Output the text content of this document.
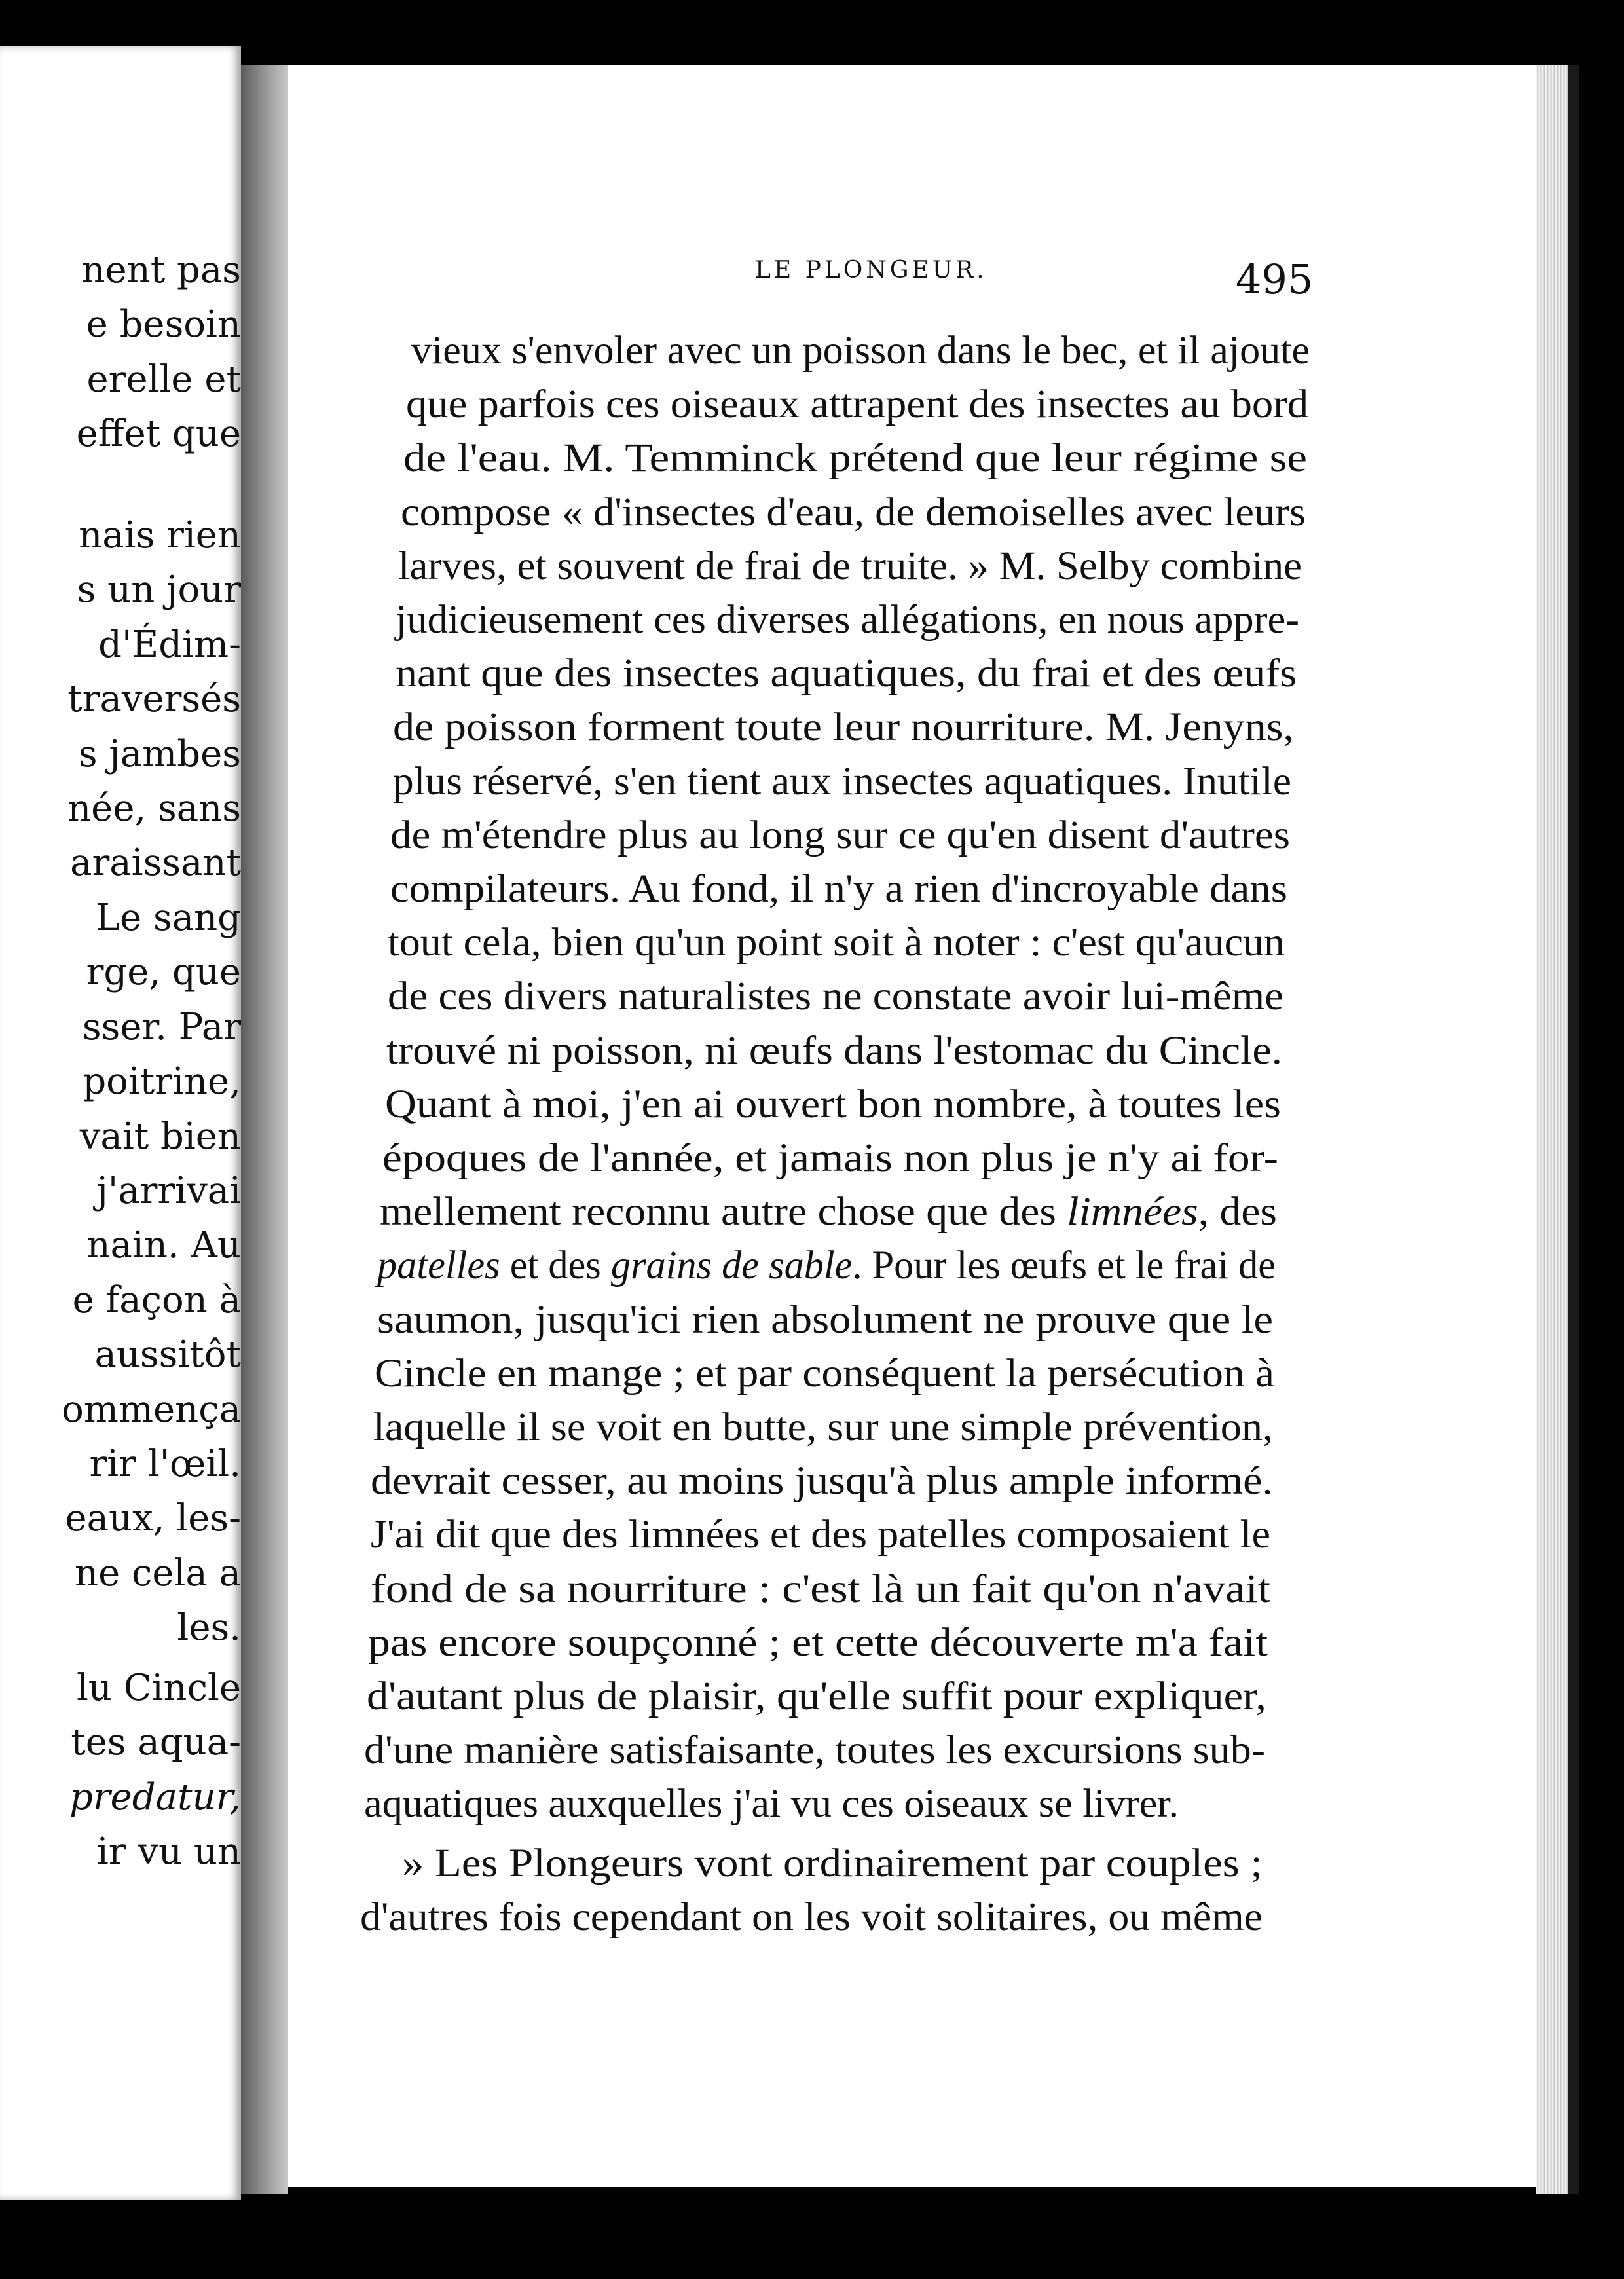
nent pas
e besoin
erelle et
effet que
nais rien
s un jour
d'Édim-
traversés
s jambes
née, sans
araissant
Le sang
rge, que
sser. Par
poitrine,
vait bien
j'arrivai
nain. Au
e façon à
aussitôt
ommença
rir l'œil.
eaux, les-
ne cela a
les.
lu Cincle
tes aqua-
predatur,
ir vu un
LE PLONGEUR.	495
vieux s'envoler avec un poisson dans le bec, et il ajoute
que parfois ces oiseaux attrapent des insectes au bord
de l'eau. M. Temminck prétend que leur régime se
compose « d'insectes d'eau, de demoiselles avec leurs
larves, et souvent de frai de truite. » M. Selby combine
judicieusement ces diverses allégations, en nous appre-
nant que des insectes aquatiques, du frai et des œufs
de poisson forment toute leur nourriture. M. Jenyns,
plus réservé, s'en tient aux insectes aquatiques. Inutile
de m'étendre plus au long sur ce qu'en disent d'autres
compilateurs. Au fond, il n'y a rien d'incroyable dans
tout cela, bien qu'un point soit à noter : c'est qu'aucun
de ces divers naturalistes ne constate avoir lui-même
trouvé ni poisson, ni œufs dans l'estomac du Cincle.
Quant à moi, j'en ai ouvert bon nombre, à toutes les
époques de l'année, et jamais non plus je n'y ai for-
mellement reconnu autre chose que des limnées, des
patelles et des grains de sable. Pour les œufs et le frai de
saumon, jusqu'ici rien absolument ne prouve que le
Cincle en mange ; et par conséquent la persécution à
laquelle il se voit en butte, sur une simple prévention,
devrait cesser, au moins jusqu'à plus ample informé.
J'ai dit que des limnées et des patelles composaient le
fond de sa nourriture : c'est là un fait qu'on n'avait
pas encore soupçonné ; et cette découverte m'a fait
d'autant plus de plaisir, qu'elle suffit pour expliquer,
d'une manière satisfaisante, toutes les excursions sub-
aquatiques auxquelles j'ai vu ces oiseaux se livrer.
» Les Plongeurs vont ordinairement par couples ;
d'autres fois cependant on les voit solitaires, ou même
